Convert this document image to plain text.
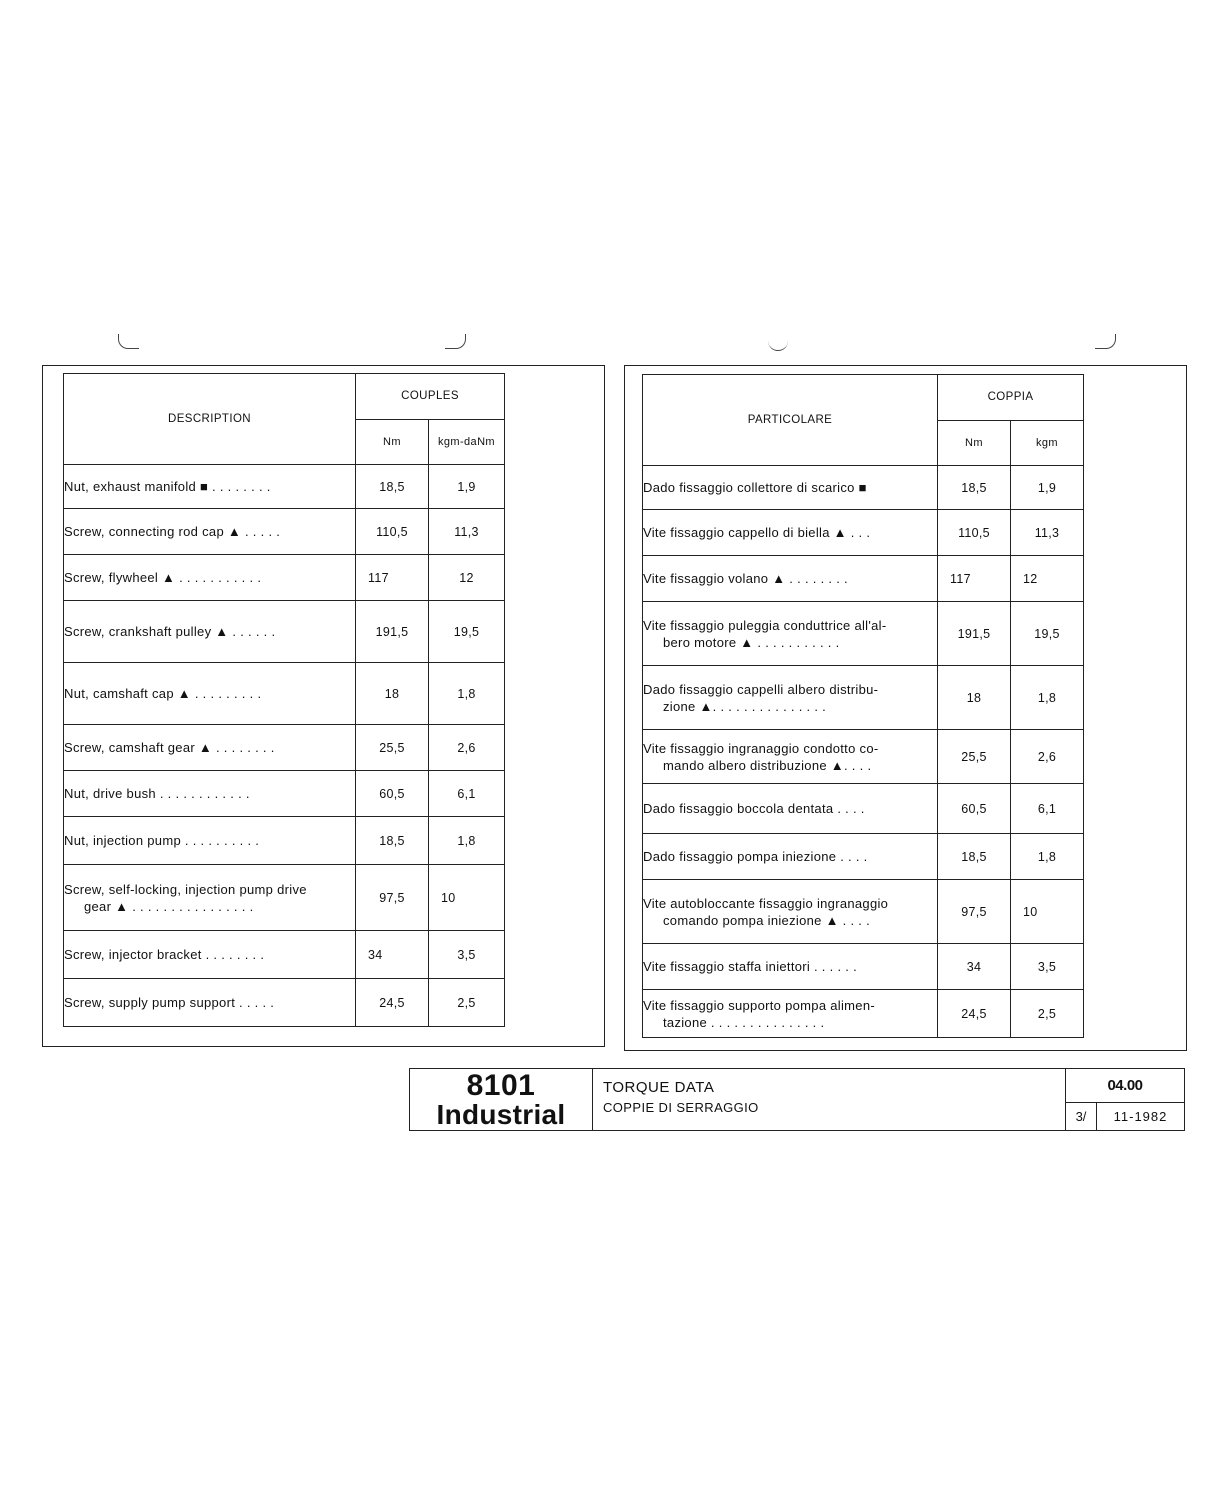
DESCRIPTION	COUPLES	
	Nm	kgm-daNm

Nut, exhaust manifold ■ . . . . . . . .	18,5	1,9

Screw, connecting rod cap ▲ . . . . .	110,5	11,3

Screw, flywheel ▲ . . . . . . . . . . .	117	12

Screw, crankshaft pulley ▲ . . . . . .	191,5	19,5

Nut, camshaft cap ▲ . . . . . . . . .	18	1,8

Screw, camshaft gear ▲ . . . . . . . .	25,5	2,6

Nut, drive bush . . . . . . . . . . . .	60,5	6,1

Nut, injection pump . . . . . . . . . .	18,5	1,8

Screw, self-locking, injection pump drive
gear ▲ . . . . . . . . . . . . . . . .	97,5	10

Screw, injector bracket . . . . . . . .	34	3,5

Screw, supply pump support . . . . .	24,5	2,5
PARTICOLARE	COPPIA	
	Nm	kgm

Dado fissaggio collettore di scarico ■	18,5	1,9

Vite fissaggio cappello di biella ▲ . . .	110,5	11,3

Vite fissaggio volano ▲ . . . . . . . .	117	12

Vite fissaggio puleggia conduttrice all'al-
bero motore ▲ . . . . . . . . . . .	191,5	19,5

Dado fissaggio cappelli albero distribu-
zione ▲. . . . . . . . . . . . . . .	18	1,8

Vite fissaggio ingranaggio condotto co-
mando albero distribuzione ▲. . . .	25,5	2,6

Dado fissaggio boccola dentata . . . .	60,5	6,1

Dado fissaggio pompa iniezione . . . .	18,5	1,8

Vite autobloccante fissaggio ingranaggio
comando pompa iniezione ▲ . . . .	97,5	10

Vite fissaggio staffa iniettori . . . . . .	34	3,5

Vite fissaggio supporto pompa alimen-
tazione . . . . . . . . . . . . . . .	24,5	2,5
8101
Industrial
TORQUE DATA
COPPIE DI SERRAGGIO
04.00
3/	11-1982
